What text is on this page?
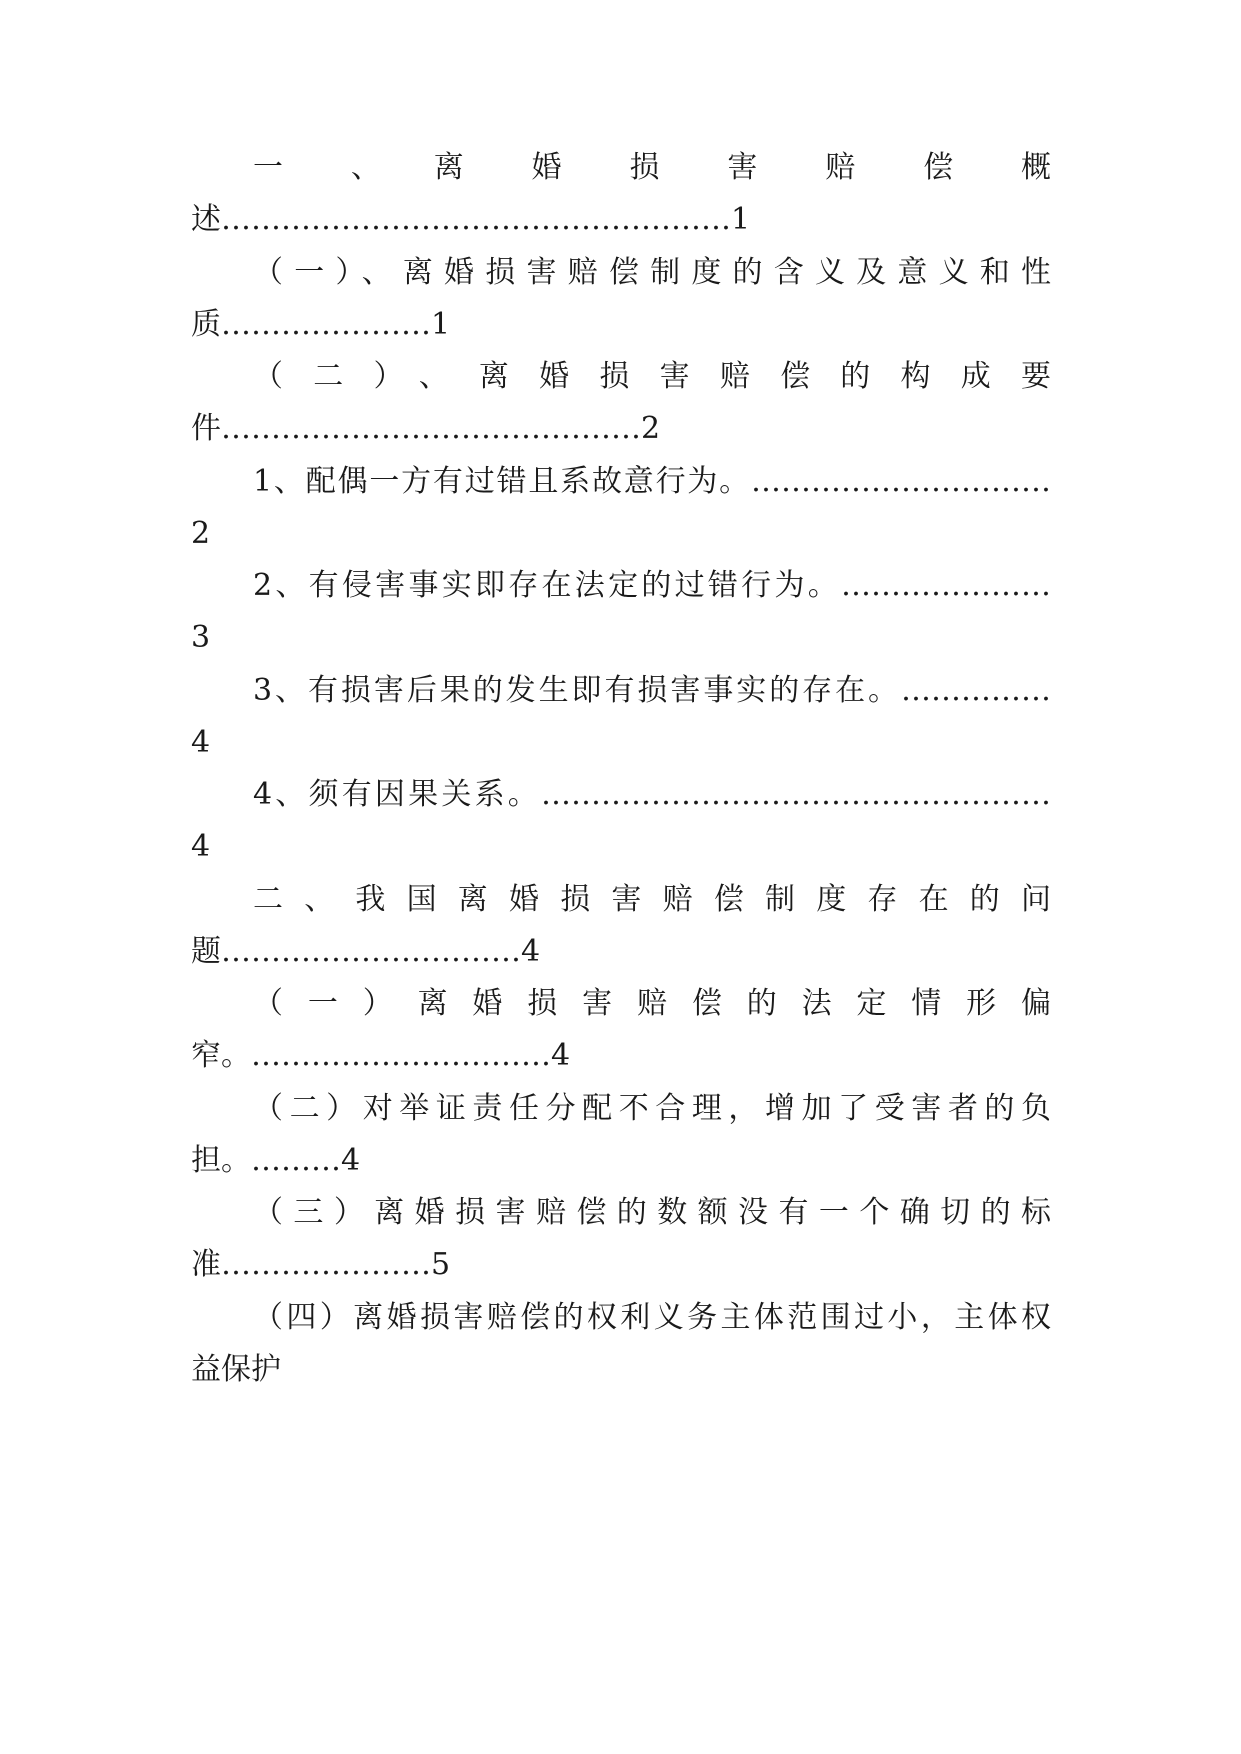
一　、　离　婚　损　害　赔　偿　概
述……………………………………………1
（一）、离婚损害赔偿制度的含义及意义和性
质…………………1
（二）、离婚损害赔偿的构成要
件……………………………………2
1、配偶一方有过错且系故意行为。…………………………
2
2、有侵害事实即存在法定的过错行为。…………………
3
3、有损害后果的发生即有损害事实的存在。……………
4
4、须有因果关系。……………………………………………
4
二、我国离婚损害赔偿制度存在的问
题…………………………4
（一）离婚损害赔偿的法定情形偏
窄。…………………………4
（二）对举证责任分配不合理，增加了受害者的负
担。………4
（三）离婚损害赔偿的数额没有一个确切的标
准…………………5
（四）离婚损害赔偿的权利义务主体范围过小，主体权
益保护
